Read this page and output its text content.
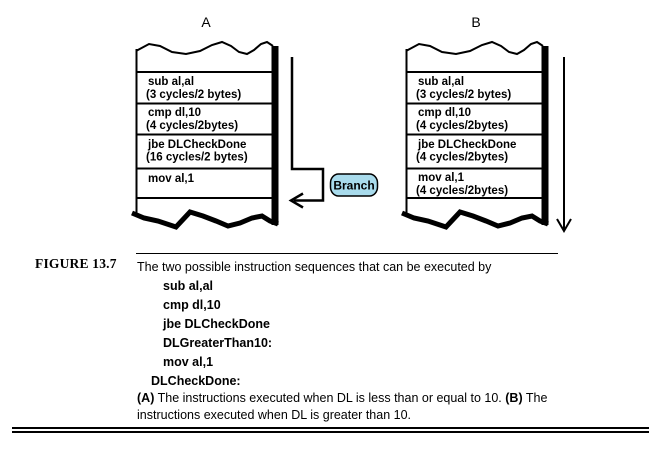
A	B
sub al,al
(3 cycles/2 bytes)
cmp dl,10
(4 cycles/2bytes)
jbe DLCheckDone
(16 cycles/2 bytes)
mov al,1	Branch
sub al,al
(3 cycles/2 bytes)
cmp dl,10
(4 cycles/2bytes)
jbe DLCheckDone
(4 cycles/2bytes)
mov al,1
(4 cycles/2bytes)
FIGURE 13.7 The two possible instruction sequences that can be executed by
sub al,al
cmp dl,10
jbe DLCheckDone
DLGreaterThan10:
mov al,1
DLCheckDone:
(A) The instructions executed when DL is less than or equal to 10. (B) The
instructions executed when DL is greater than 10.
